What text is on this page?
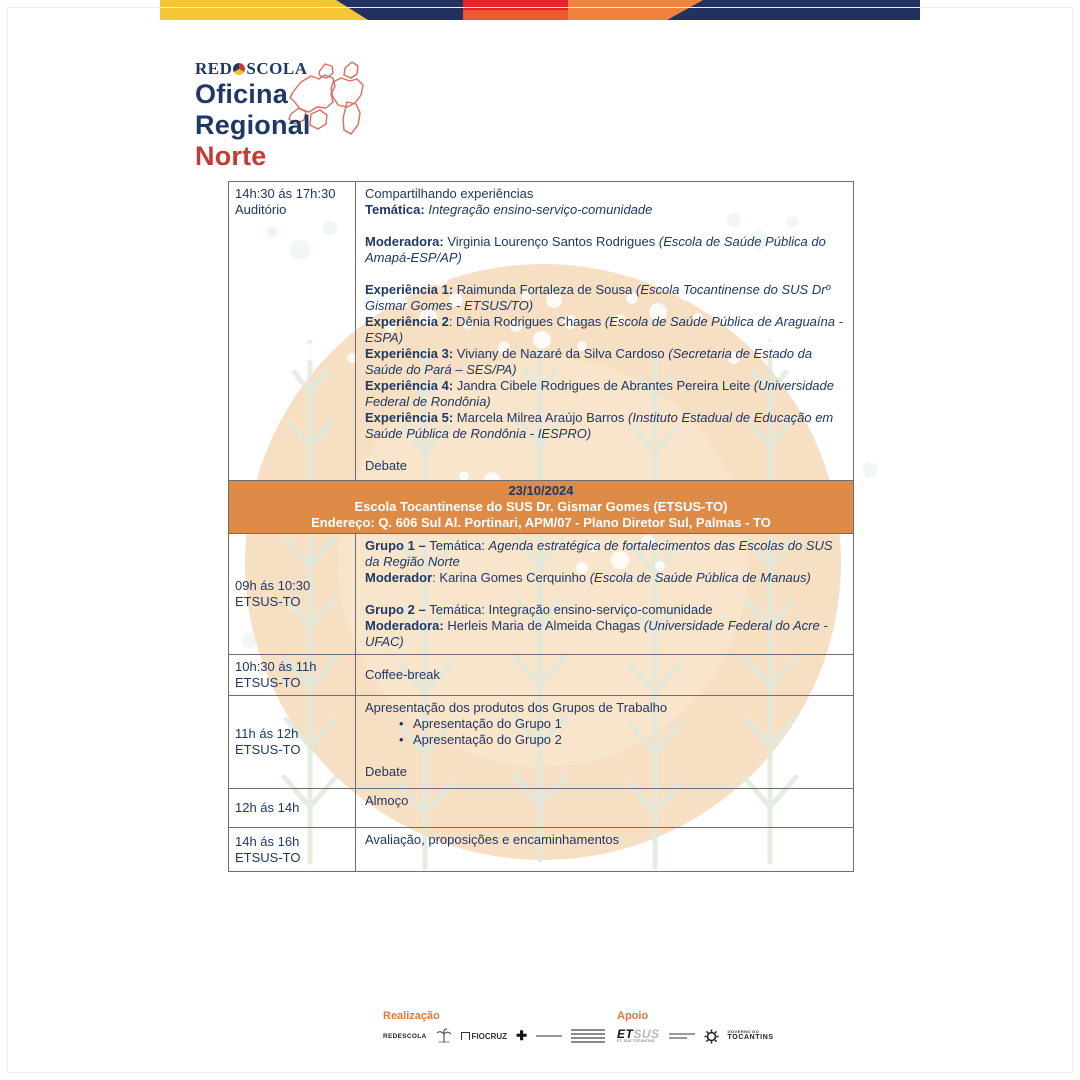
RED SCOLA
Oficina
Regional
Norte
14h:30 ás 17h:30
Auditório
Compartilhando experiências
Temática: Integração ensino-serviço-comunidade
Moderadora: Virginia Lourenço Santos Rodrigues (Escola de Saúde Pública do Amapá-ESP/AP)
Experiência 1: Raimunda Fortaleza de Sousa (Escola Tocantinense do SUS Drº Gismar Gomes - ETSUS/TO)
Experiência 2: Dênia Rodrigues Chagas (Escola de Saúde Pública de Araguaína - ESPA)
Experiência 3: Viviany de Nazaré da Silva Cardoso (Secretaria de Estado da Saúde do Pará – SES/PA)
Experiência 4: Jandra Cibele Rodrigues de Abrantes Pereira Leite (Universidade Federal de Rondônia)
Experiência 5: Marcela Milrea Araújo Barros (Instituto Estadual de Educação em Saúde Pública de Rondônia - IESPRO)
Debate
23/10/2024
Escola Tocantinense do SUS Dr. Gismar Gomes (ETSUS-TO)
Endereço: Q. 606 Sul Al. Portinari, APM/07 - Plano Diretor Sul, Palmas - TO
09h ás 10:30
ETSUS-TO
Grupo 1 – Temática: Agenda estratégica de fortalecimentos das Escolas do SUS da Região Norte
Moderador: Karina Gomes Cerquinho (Escola de Saúde Pública de Manaus)
Grupo 2 – Temática: Integração ensino-serviço-comunidade
Moderadora: Herleis Maria de Almeida Chagas (Universidade Federal do Acre - UFAC)
10h:30 ás 11h
ETSUS-TO
Coffee-break
11h ás 12h
ETSUS-TO
Apresentação dos produtos dos Grupos de Trabalho
• Apresentação do Grupo 1
• Apresentação do Grupo 2
Debate
12h ás 14h	Almoço
14h ás 16h
ETSUS-TO
Avaliação, proposições e encaminhamentos
Realização
REDESCOLA	FIOCRUZ ✚
Apoio
ETSUS
ET. SUS TOCANTINS
GOVERNO DO
TOCANTINS
